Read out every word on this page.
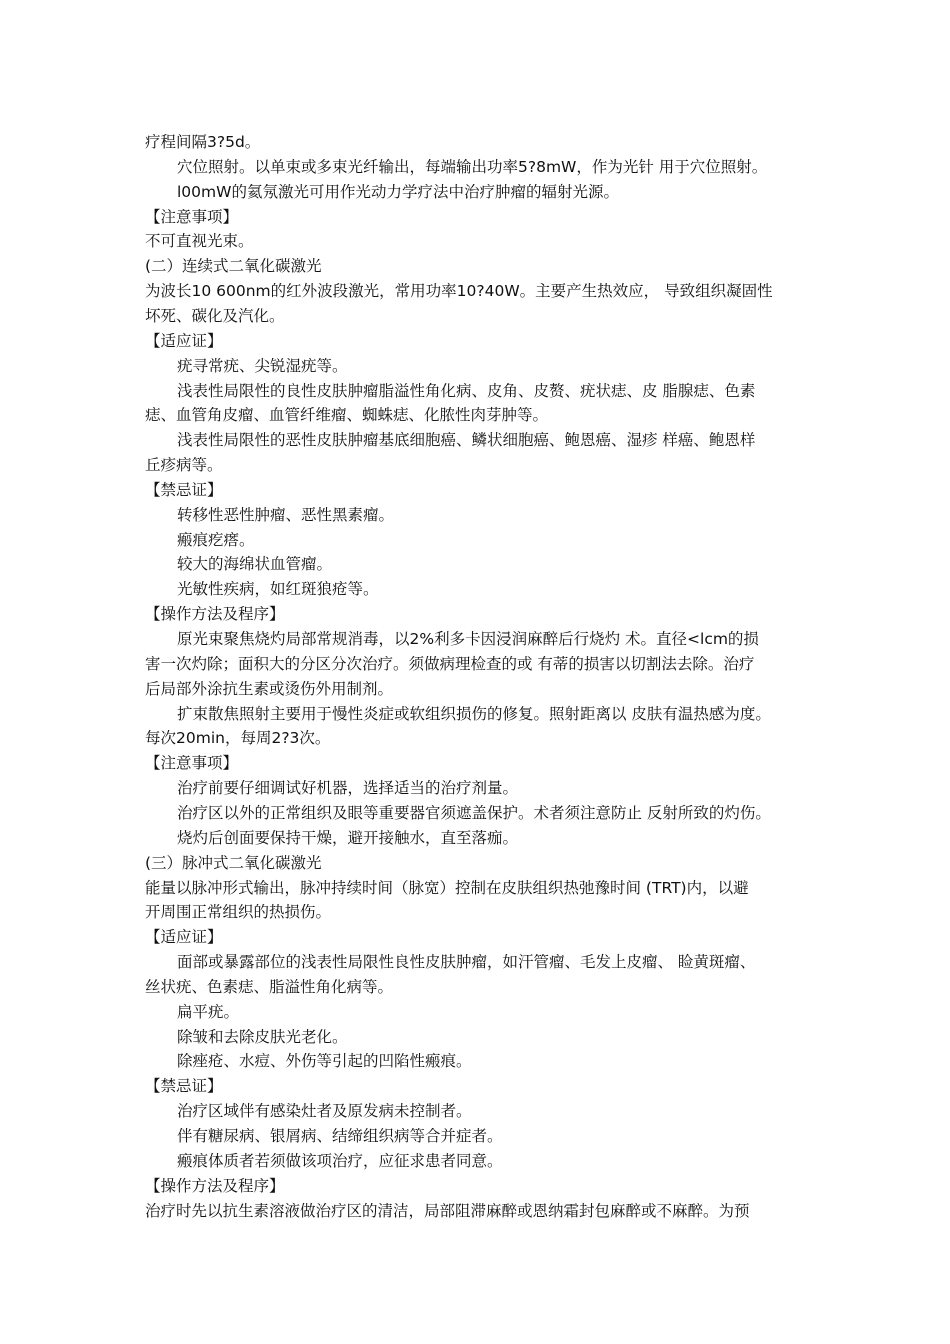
疗程间隔3?5d。

穴位照射。以单束或多束光纤输出，每端输出功率5?8mW，作为光针 用于穴位照射。

l00mW的氦氖激光可用作光动力学疗法中治疗肿瘤的辐射光源。

【注意事项】

不可直视光束。

(二）连续式二氧化碳激光

为波长10 600nm的红外波段激光，常用功率10?40W。主要产生热效应， 导致组织凝固性

坏死、碳化及汽化。

【适应证】

疣寻常疣、尖锐湿疣等。

浅表性局限性的良性皮肤肿瘤脂溢性角化病、皮角、皮赘、疣状痣、皮 脂腺痣、色素

痣、血管角皮瘤、血管纤维瘤、蜘蛛痣、化脓性肉芽肿等。

浅表性局限性的恶性皮肤肿瘤基底细胞癌、鳞状细胞癌、鲍恩癌、湿疹 样癌、鲍恩样

丘疹病等。

【禁忌证】

转移性恶性肿瘤、恶性黑素瘤。

瘢痕疙瘩。

较大的海绵状血管瘤。

光敏性疾病，如红斑狼疮等。

【操作方法及程序】

原光束聚焦烧灼局部常规消毒，以2%利多卡因浸润麻醉后行烧灼 术。直径<lcm的损

害一次灼除；面积大的分区分次治疗。须做病理检查的或 有蒂的损害以切割法去除。治疗

后局部外涂抗生素或烫伤外用制剂。

扩束散焦照射主要用于慢性炎症或软组织损伤的修复。照射距离以 皮肤有温热感为度。

每次20min，每周2?3次。

【注意事项】

治疗前要仔细调试好机器，选择适当的治疗剂量。

治疗区以外的正常组织及眼等重要器官须遮盖保护。术者须注意防止 反射所致的灼伤。

烧灼后创面要保持干燥，避开接触水，直至落痂。

(三）脉冲式二氧化碳激光

能量以脉冲形式输出，脉冲持续时间（脉宽）控制在皮肤组织热弛豫时间 (TRT)内，以避

开周围正常组织的热损伤。

【适应证】

面部或暴露部位的浅表性局限性良性皮肤肿瘤，如汗管瘤、毛发上皮瘤、 睑黄斑瘤、

丝状疣、色素痣、脂溢性角化病等。

扁平疣。

除皱和去除皮肤光老化。

除痤疮、水痘、外伤等引起的凹陷性瘢痕。

【禁忌证】

治疗区域伴有感染灶者及原发病未控制者。

伴有糖尿病、银屑病、结缔组织病等合并症者。

瘢痕体质者若须做该项治疗，应征求患者同意。

【操作方法及程序】

治疗时先以抗生素溶液做治疗区的清洁，局部阻滞麻醉或恩纳霜封包麻醉或不麻醉。为预
